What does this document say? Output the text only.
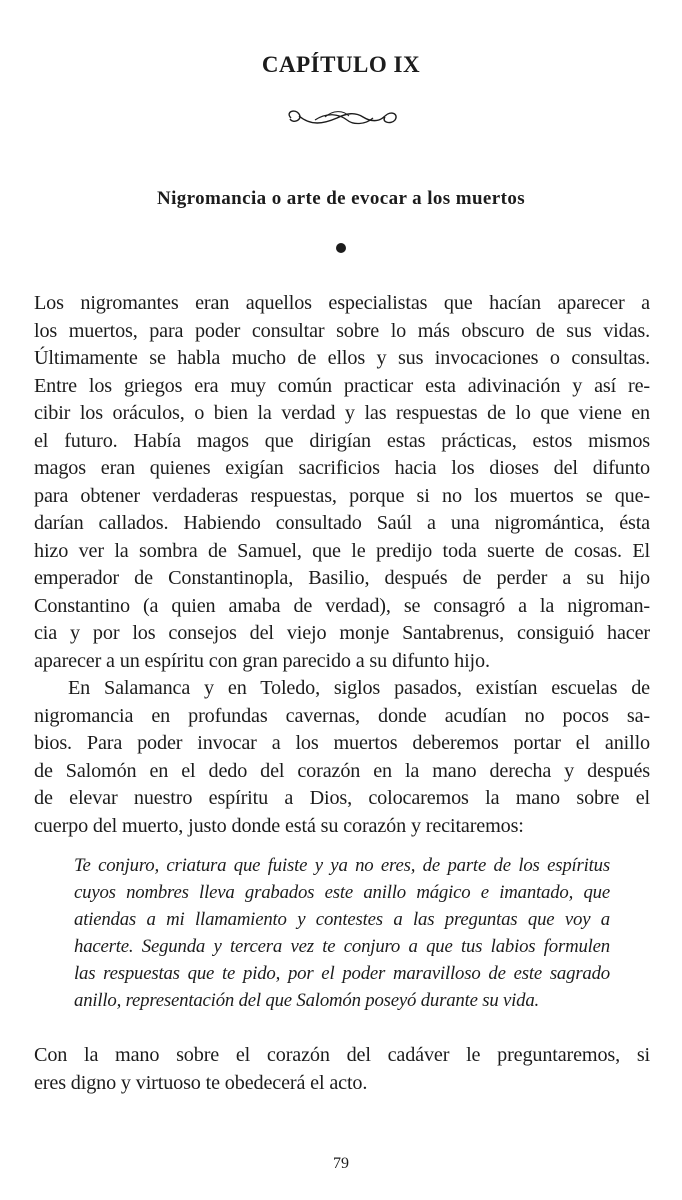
CAPÍTULO IX
Nigromancia o arte de evocar a los muertos
Los nigromantes eran aquellos especialistas que hacían aparecer a
los muertos, para poder consultar sobre lo más obscuro de sus vidas.
Últimamente se habla mucho de ellos y sus invocaciones o consultas.
Entre los griegos era muy común practicar esta adivinación y así re-
cibir los oráculos, o bien la verdad y las respuestas de lo que viene en
el futuro. Había magos que dirigían estas prácticas, estos mismos
magos eran quienes exigían sacrificios hacia los dioses del difunto
para obtener verdaderas respuestas, porque si no los muertos se que-
darían callados. Habiendo consultado Saúl a una nigromántica, ésta
hizo ver la sombra de Samuel, que le predijo toda suerte de cosas. El
emperador de Constantinopla, Basilio, después de perder a su hijo
Constantino (a quien amaba de verdad), se consagró a la nigroman-
cia y por los consejos del viejo monje Santabrenus, consiguió hacer
aparecer a un espíritu con gran parecido a su difunto hijo.
En Salamanca y en Toledo, siglos pasados, existían escuelas de
nigromancia en profundas cavernas, donde acudían no pocos sa-
bios. Para poder invocar a los muertos deberemos portar el anillo
de Salomón en el dedo del corazón en la mano derecha y después
de elevar nuestro espíritu a Dios, colocaremos la mano sobre el
cuerpo del muerto, justo donde está su corazón y recitaremos:
Te conjuro, criatura que fuiste y ya no eres, de parte de los espíritus
cuyos nombres lleva grabados este anillo mágico e imantado, que
atiendas a mi llamamiento y contestes a las preguntas que voy a
hacerte. Segunda y tercera vez te conjuro a que tus labios formulen
las respuestas que te pido, por el poder maravilloso de este sagrado
anillo, representación del que Salomón poseyó durante su vida.
Con la mano sobre el corazón del cadáver le preguntaremos, si
eres digno y virtuoso te obedecerá el acto.
79
